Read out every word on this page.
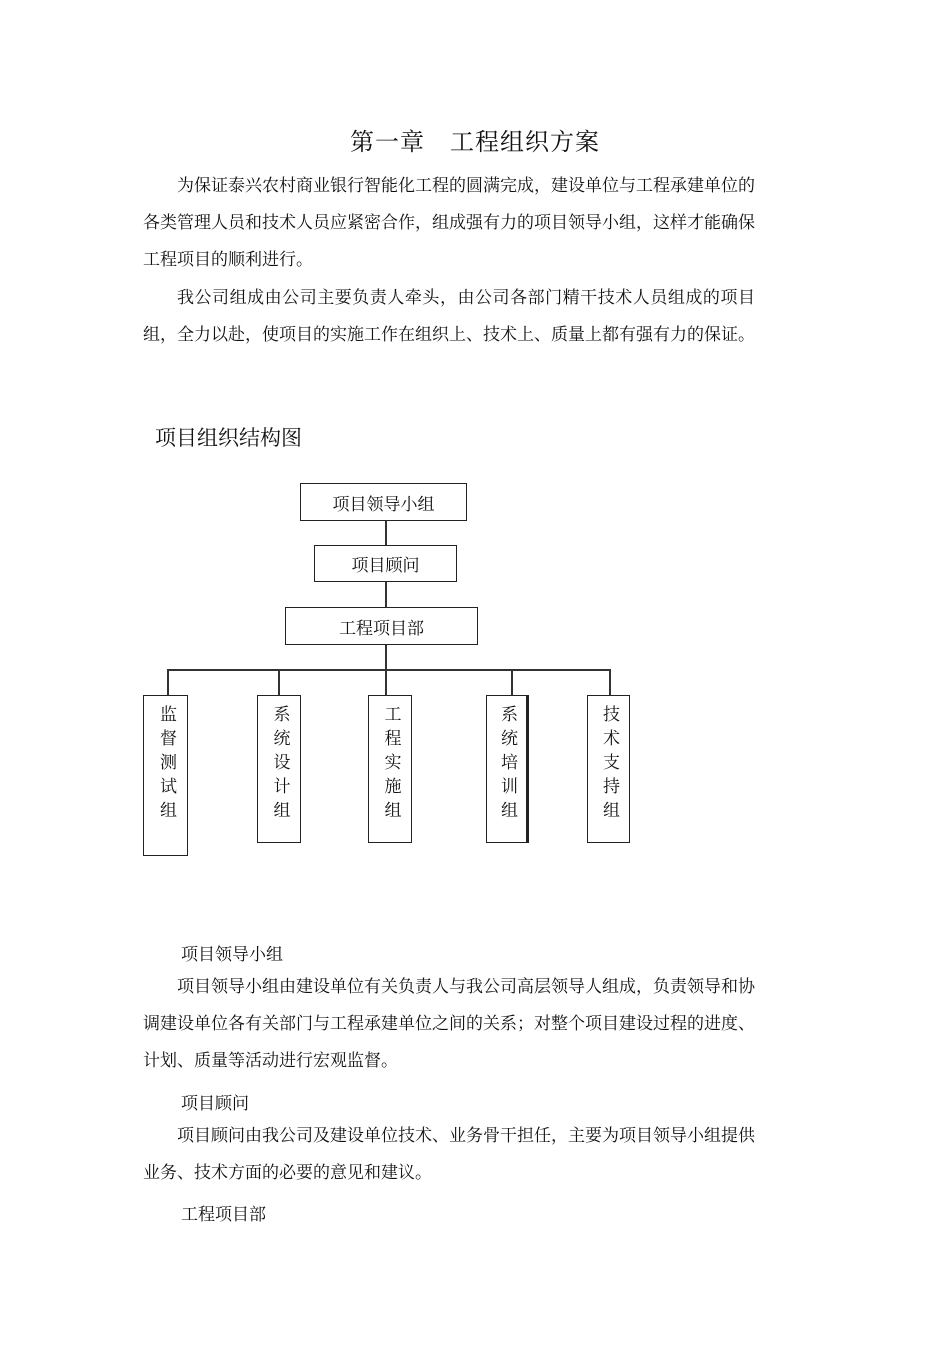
第一章　工程组织方案

为保证泰兴农村商业银行智能化工程的圆满完成，建设单位与工程承建单位的各类管理人员和技术人员应紧密合作，组成强有力的项目领导小组，这样才能确保工程项目的顺利进行。

我公司组成由公司主要负责人牵头，由公司各部门精干技术人员组成的项目组，全力以赴，使项目的实施工作在组织上、技术上、质量上都有强有力的保证。

项目组织结构图
项目领导小组
项目顾问
工程项目部
监督测试组	系统设计组	工程实施组	系统培训组	技术支持组

项目领导小组

项目领导小组由建设单位有关负责人与我公司高层领导人组成，负责领导和协调建设单位各有关部门与工程承建单位之间的关系；对整个项目建设过程的进度、计划、质量等活动进行宏观监督。

项目顾问

项目顾问由我公司及建设单位技术、业务骨干担任，主要为项目领导小组提供业务、技术方面的必要的意见和建议。

工程项目部
